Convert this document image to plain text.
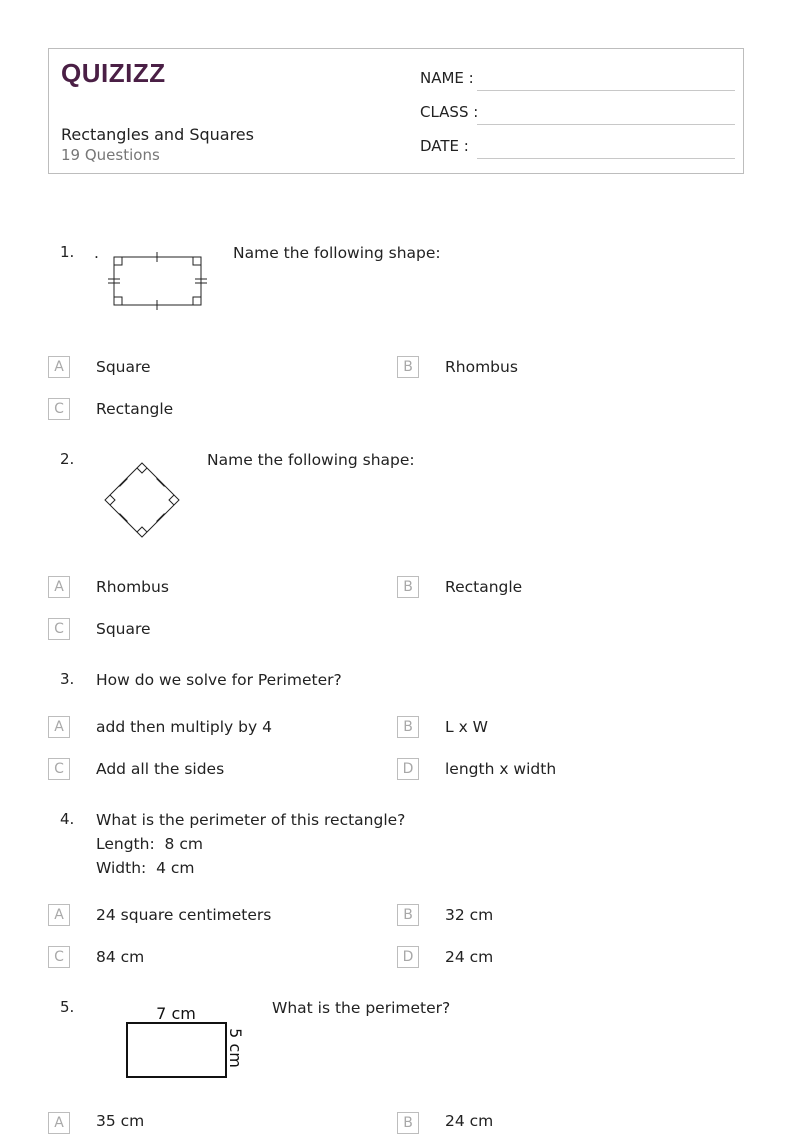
QUIZIZZ
Rectangles and Squares
19 Questions
NAME :
CLASS :
DATE :
1. .	Name the following shape:
A	Square	B	Rhombus
C	Rectangle
2.	Name the following shape:
A	Rhombus	B	Rectangle
C	Square
3. How do we solve for Perimeter?
A	add then multiply by 4	B	L x W
C	Add all the sides	D	length x width
4. What is the perimeter of this rectangle?
Length:  8 cm
Width:  4 cm
A	24 square centimeters	B	32 cm
C	84 cm	D	24 cm
5.	7 cm
5 cm
What is the perimeter?
A	35 cm	B	24 cm
